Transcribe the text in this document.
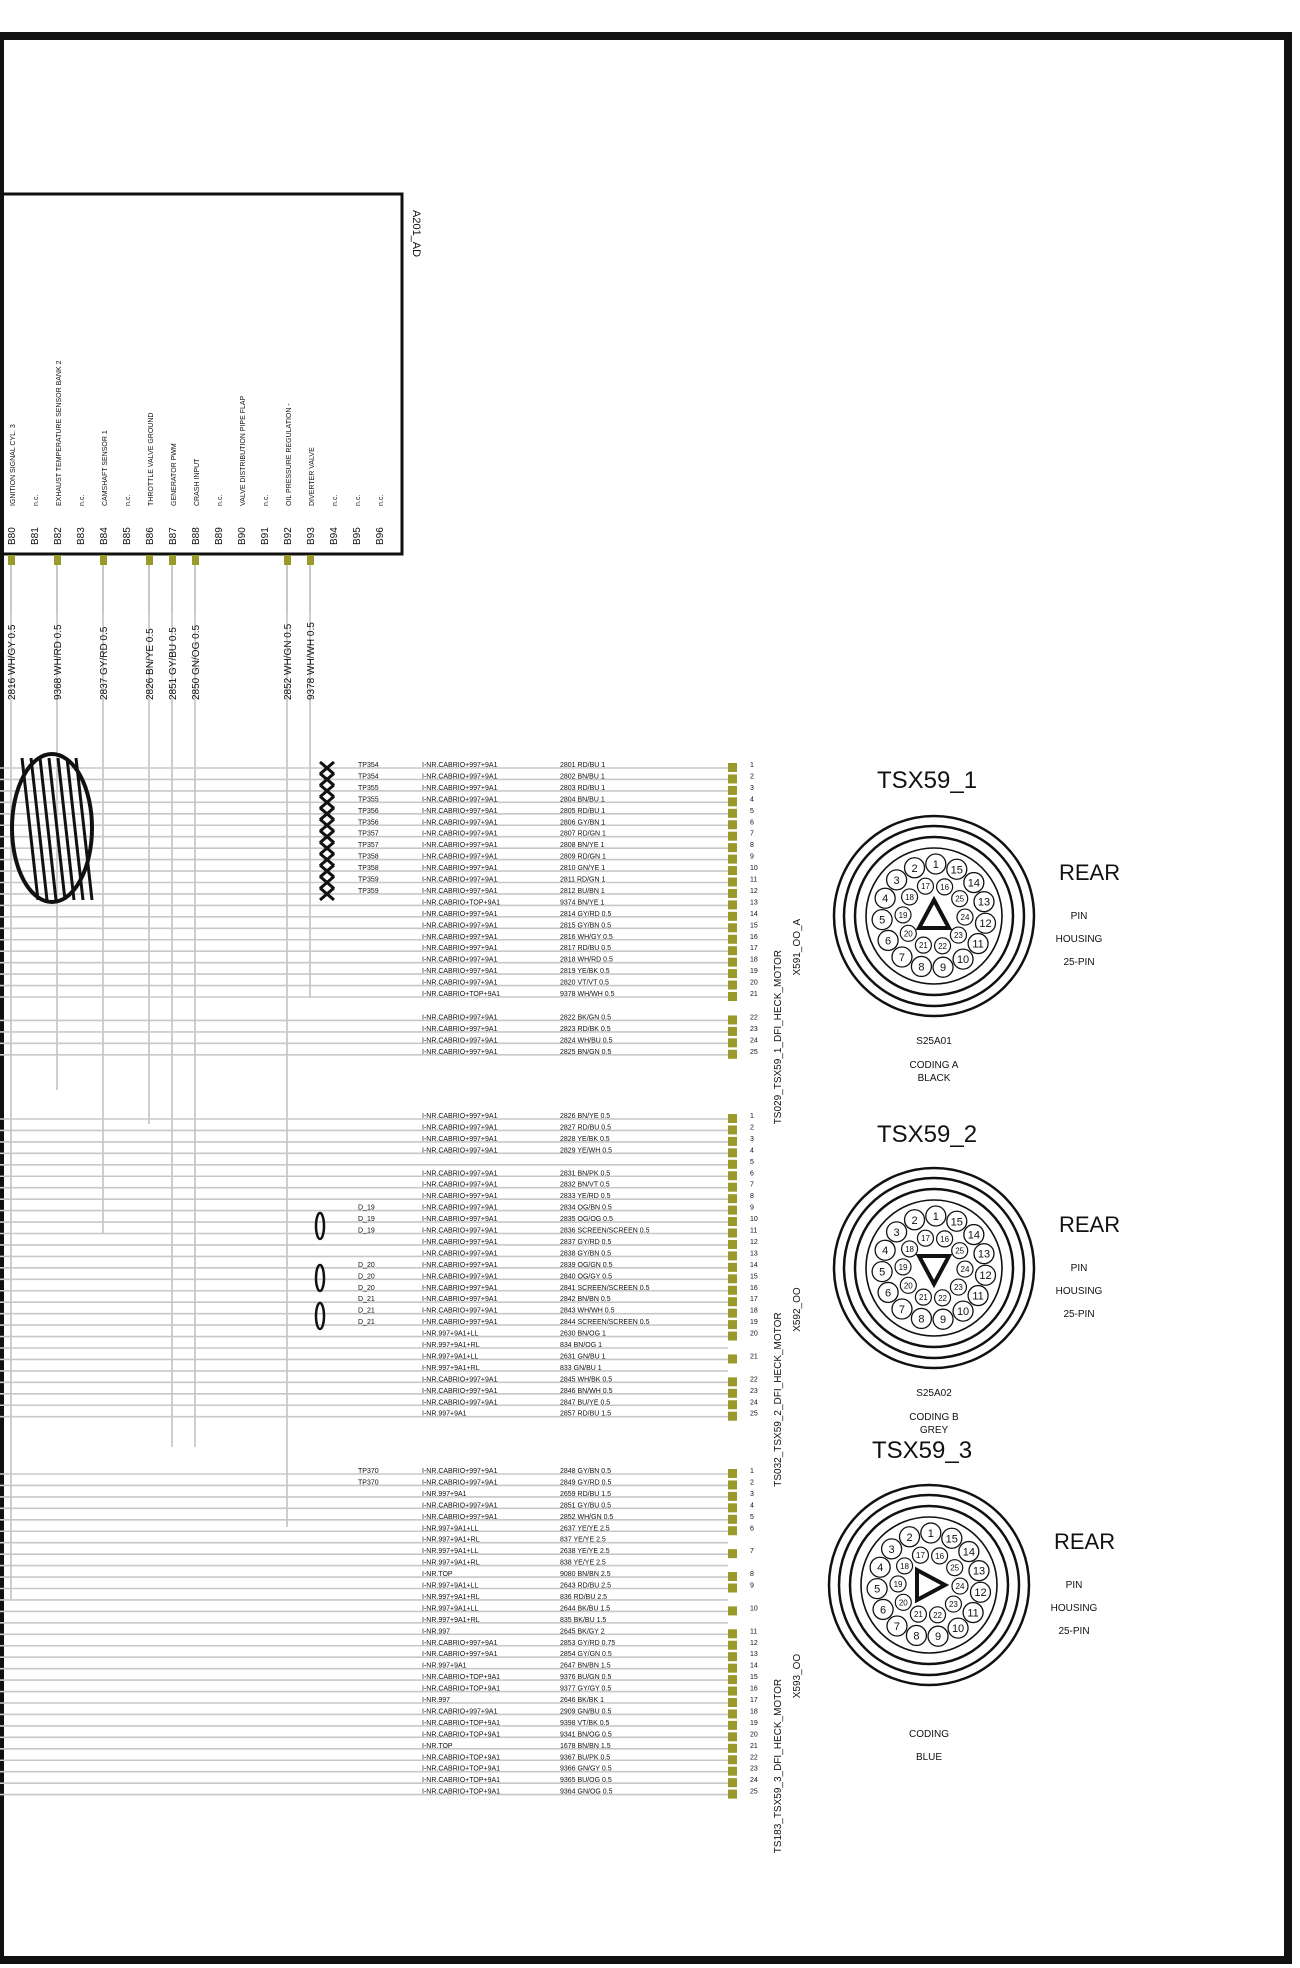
A201_AD
B80
IGNITION SIGNAL CYL. 3
B81
n.c.
B82
EXHAUST TEMPERATURE SENSOR BANK 2
B83
n.c.
B84
CAMSHAFT SENSOR 1
B85
n.c.
B86
THROTTLE VALVE GROUND
B87
GENERATOR PWM
B88
CRASH INPUT
B89
n.c.
B90
VALVE DISTRIBUTION PIPE FLAP
B91
n.c.
B92
OIL PRESSURE REGULATION -
B93
DIVERTER VALVE
B94
n.c.
B95
n.c.
B96
n.c.
2816 WH/GY 0.5	9368 WH/RD 0.5	2837 GY/RD 0.5	2826 BN/YE 0.5 2851 GY/BU 0.5 2850 GN/OG 0.5	2852 WH/GN 0.5 9378 WH/WH 0.5
TP354	I-NR.CABRIO+997+9A1	2801 RD/BU 1	1
TP354	I-NR.CABRIO+997+9A1	2802 BN/BU 1	2
TP355	I-NR.CABRIO+997+9A1	2803 RD/BU 1	3
TP355	I-NR.CABRIO+997+9A1	2804 BN/BU 1	4
TP356	I-NR.CABRIO+997+9A1	2805 RD/BU 1	5
TP356	I-NR.CABRIO+997+9A1	2806 GY/BN 1	6
TP357	I-NR.CABRIO+997+9A1	2807 RD/GN 1	7
TP357	I-NR.CABRIO+997+9A1	2808 BN/YE 1	8
TP358	I-NR.CABRIO+997+9A1	2809 RD/GN 1	9
TP358	I-NR.CABRIO+997+9A1	2810 GN/YE 1	10
TP359	I-NR.CABRIO+997+9A1	2811 RD/GN 1	11
TP359	I-NR.CABRIO+997+9A1	2812 BU/BN 1	12
I-NR.CABRIO+TOP+9A1	9374 BN/YE 1	13
I-NR.CABRIO+997+9A1	2814 GY/RD 0.5	14
I-NR.CABRIO+997+9A1	2815 GY/BN 0.5	15
I-NR.CABRIO+997+9A1	2816 WH/GY 0.5	16
I-NR.CABRIO+997+9A1	2817 RD/BU 0.5	17
I-NR.CABRIO+997+9A1	2818 WH/RD 0.5	18
I-NR.CABRIO+997+9A1	2819 YE/BK 0.5	19
I-NR.CABRIO+997+9A1	2820 VT/VT 0.5	20
I-NR.CABRIO+TOP+9A1	9378 WH/WH 0.5	21
I-NR.CABRIO+997+9A1	2822 BK/GN 0.5	22
I-NR.CABRIO+997+9A1	2823 RD/BK 0.5	23
I-NR.CABRIO+997+9A1	2824 WH/BU 0.5	24
I-NR.CABRIO+997+9A1	2825 BN/GN 0.5	25 TS029_TSX59_1_DFI_HECK_MOTOR
X591_OO_A
I-NR.CABRIO+997+9A1	2826 BN/YE 0.5	1
I-NR.CABRIO+997+9A1	2827 RD/BU 0.5	2
I-NR.CABRIO+997+9A1	2828 YE/BK 0.5	3
I-NR.CABRIO+997+9A1	2829 YE/WH 0.5	4
5
I-NR.CABRIO+997+9A1	2831 BN/PK 0.5	6
I-NR.CABRIO+997+9A1	2832 BN/VT 0.5	7
I-NR.CABRIO+997+9A1	2833 YE/RD 0.5	8
D_19	I-NR.CABRIO+997+9A1	2834 OG/BN 0.5	9
D_19	I-NR.CABRIO+997+9A1	2835 OG/OG 0.5	10
D_19	I-NR.CABRIO+997+9A1	2836 SCREEN/SCREEN 0.5	11
I-NR.CABRIO+997+9A1	2837 GY/RD 0.5	12
I-NR.CABRIO+997+9A1	2838 GY/BN 0.5	13
D_20	I-NR.CABRIO+997+9A1	2839 OG/GN 0.5	14
D_20	I-NR.CABRIO+997+9A1	2840 OG/GY 0.5	15
D_20	I-NR.CABRIO+997+9A1	2841 SCREEN/SCREEN 0.5	16
D_21	I-NR.CABRIO+997+9A1	2842 BN/BN 0.5	17
D_21	I-NR.CABRIO+997+9A1	2843 WH/WH 0.5	18
D_21	I-NR.CABRIO+997+9A1	2844 SCREEN/SCREEN 0.5	19
I-NR.997+9A1+LL	2630 BN/OG 1	20
I-NR.997+9A1+RL	834 BN/OG 1
I-NR.997+9A1+LL	2631 GN/BU 1	21
I-NR.997+9A1+RL	833 GN/BU 1
I-NR.CABRIO+997+9A1	2845 WH/BK 0.5	22
I-NR.CABRIO+997+9A1	2846 BN/WH 0.5	23
I-NR.CABRIO+997+9A1	2847 BU/YE 0.5	24
I-NR.997+9A1	2857 RD/BU 1.5	25 TS032_TSX59_2_DFI_HECK_MOTOR
X592_OO
TP370	I-NR.CABRIO+997+9A1	2848 GY/BN 0.5	1
TP370	I-NR.CABRIO+997+9A1	2849 GY/RD 0.5	2
I-NR.997+9A1	2659 RD/BU 1.5	3
I-NR.CABRIO+997+9A1	2851 GY/BU 0.5	4
I-NR.CABRIO+997+9A1	2852 WH/GN 0.5	5
I-NR.997+9A1+LL	2637 YE/YE 2.5	6
I-NR.997+9A1+RL	837 YE/YE 2.5
I-NR.997+9A1+LL	2638 YE/YE 2.5	7
I-NR.997+9A1+RL	838 YE/YE 2.5
I-NR.TOP	9080 BN/BN 2.5	8
I-NR.997+9A1+LL	2643 RD/BU 2.5	9
I-NR.997+9A1+RL	836 RD/BU 2.5
I-NR.997+9A1+LL	2644 BK/BU 1.5	10
I-NR.997+9A1+RL	835 BK/BU 1.5
I-NR.997	2645 BK/GY 2	11
I-NR.CABRIO+997+9A1	2853 GY/RD 0.75	12
I-NR.CABRIO+997+9A1	2854 GY/GN 0.5	13
I-NR.997+9A1	2647 BN/BN 1.5	14
I-NR.CABRIO+TOP+9A1	9376 BU/GN 0.5	15
I-NR.CABRIO+TOP+9A1	9377 GY/GY 0.5	16
I-NR.997	2646 BK/BK 1	17
I-NR.CABRIO+997+9A1	2909 GN/BU 0.5	18
I-NR.CABRIO+TOP+9A1	9398 VT/BK 0.5	19
I-NR.CABRIO+TOP+9A1	9341 BN/OG 0.5	20
I-NR.TOP	1678 BN/BN 1.5	21
I-NR.CABRIO+TOP+9A1	9367 BU/PK 0.5	22
I-NR.CABRIO+TOP+9A1	9366 GN/GY 0.5	23
I-NR.CABRIO+TOP+9A1	9365 BU/OG 0.5	24
I-NR.CABRIO+TOP+9A1	9364 GN/OG 0.5	25 TS183_TSX59_3_DFI_HECK_MOTOR
X593_OO
2 1 15
14
13
12
11
10
9
8
7
6
5
4
3
16
25
24
23
22
21
20
19
18
17
TSX59_1
REAR
PIN
HOUSING
25-PIN
S25A01
CODING A
BLACK
2 1 15
14
13
12
11
10
9
8
7
6
5
4
3
16
25
24
23
22
21
20
19
18
17
TSX59_2
REAR
PIN
HOUSING
25-PIN
S25A02
CODING B
GREY
2 1 15
14
13
12
11
10
9
8
7
6
5
4
3
16
25
24
23
22
21
20
19
18
17
TSX59_3
REAR
PIN
HOUSING
25-PIN
CODING
BLUE
